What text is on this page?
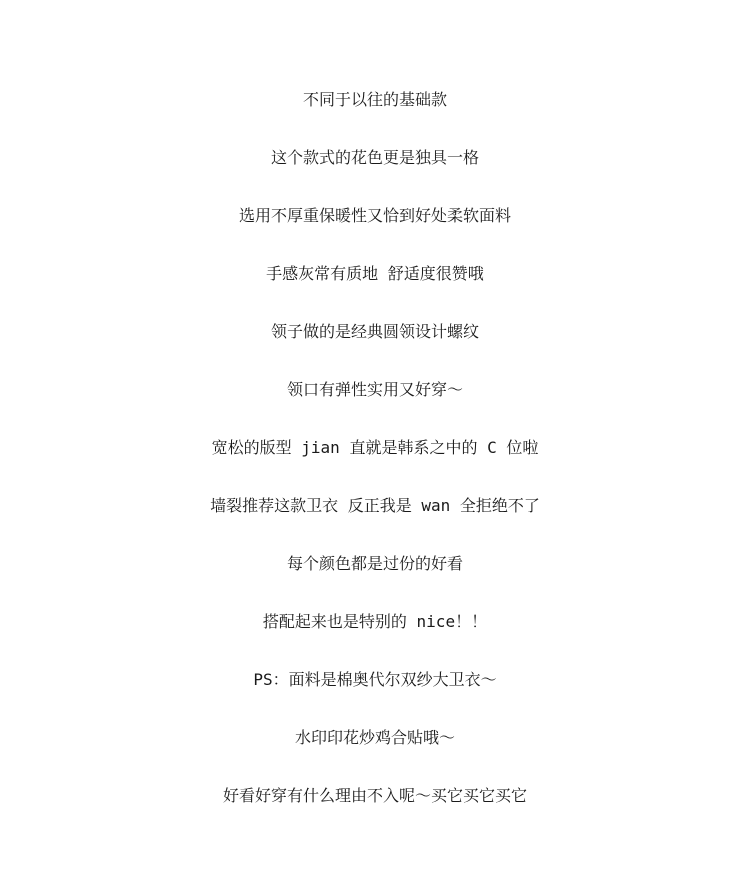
不同于以往的基础款
这个款式的花色更是独具一格
选用不厚重保暖性又恰到好处柔软面料
手感灰常有质地 舒适度很赞哦
领子做的是经典圆领设计螺纹
领口有弹性实用又好穿～
宽松的版型 jian 直就是韩系之中的 C 位啦
墙裂推荐这款卫衣 反正我是 wan 全拒绝不了
每个颜色都是过份的好看
搭配起来也是特别的 nice！！
PS：面料是棉奥代尔双纱大卫衣～
水印印花炒鸡合贴哦～
好看好穿有什么理由不入呢～买它买它买它
